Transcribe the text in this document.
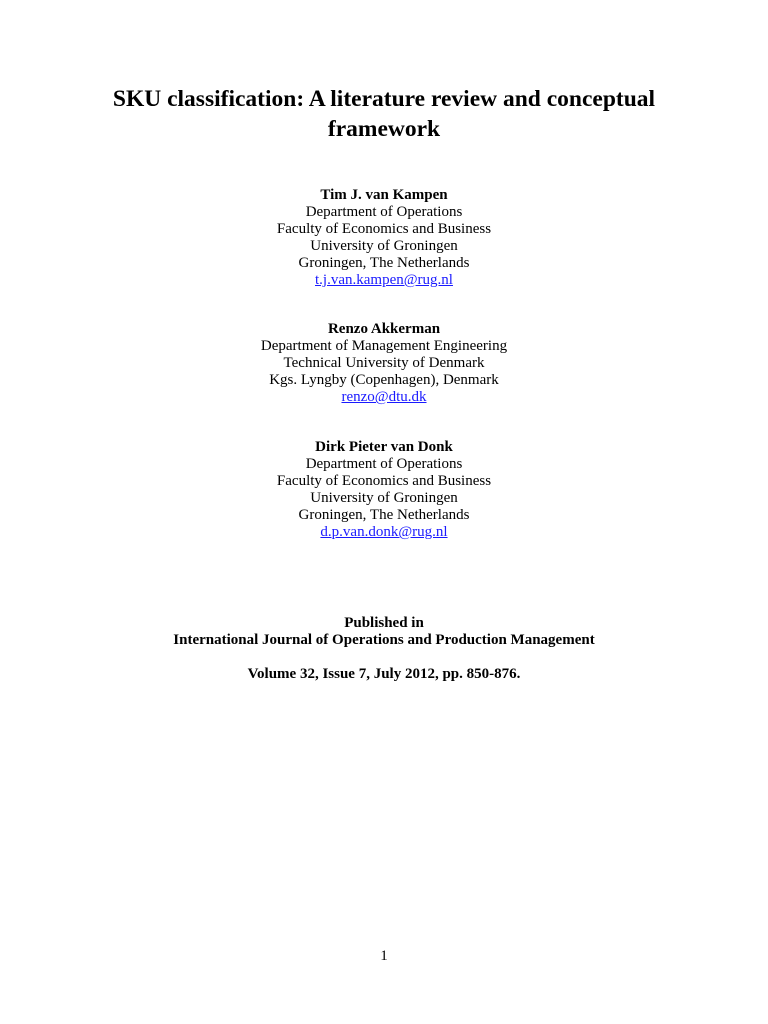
SKU classification: A literature review and conceptual
framework
Tim J. van Kampen
Department of Operations
Faculty of Economics and Business
University of Groningen
Groningen, The Netherlands
t.j.van.kampen@rug.nl
Renzo Akkerman
Department of Management Engineering
Technical University of Denmark
Kgs. Lyngby (Copenhagen), Denmark
renzo@dtu.dk
Dirk Pieter van Donk
Department of Operations
Faculty of Economics and Business
University of Groningen
Groningen, The Netherlands
d.p.van.donk@rug.nl
Published in
International Journal of Operations and Production Management
Volume 32, Issue 7, July 2012, pp. 850-876.
1
